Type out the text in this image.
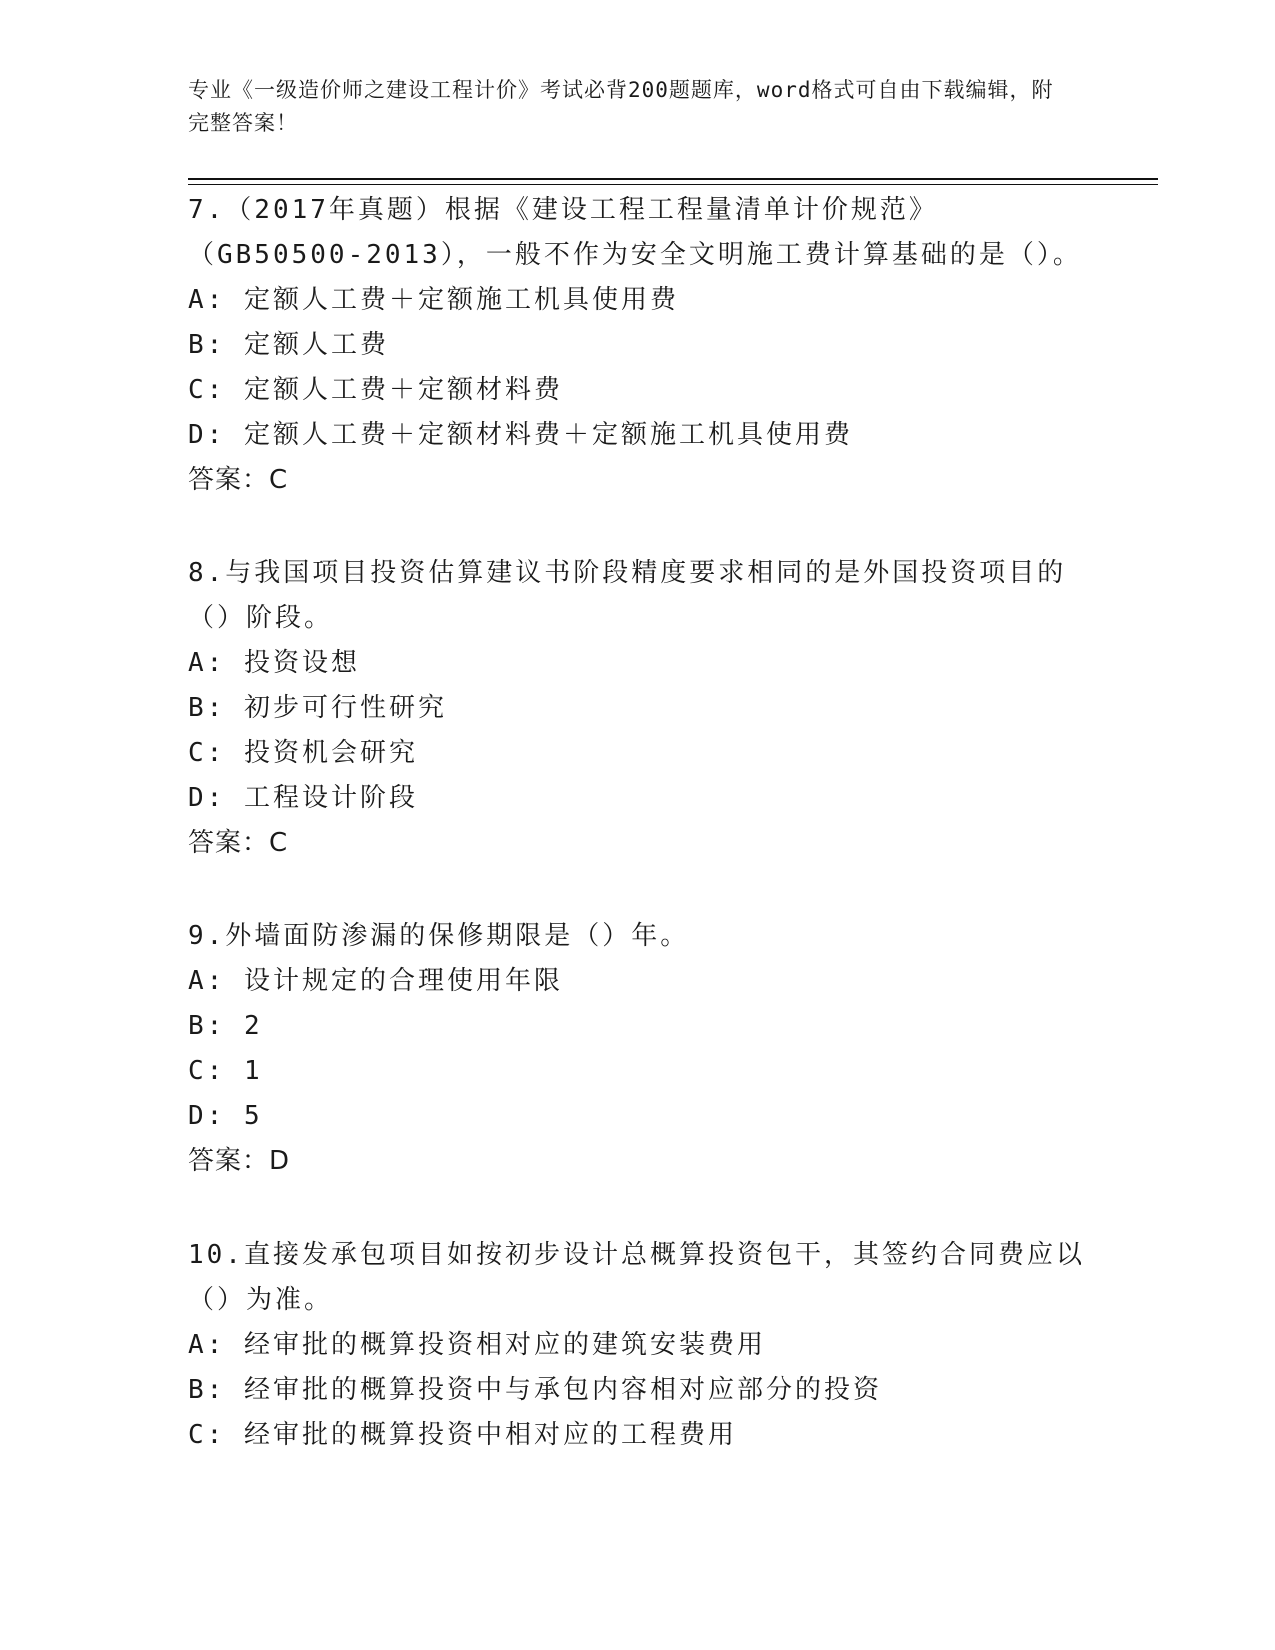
专业《一级造价师之建设工程计价》考试必背200题题库，word格式可自由下载编辑，附完整答案！

7.（2017年真题）根据《建设工程工程量清单计价规范》（GB50500-2013），一般不作为安全文明施工费计算基础的是（）。

A: 定额人工费＋定额施工机具使用费

B: 定额人工费

C: 定额人工费＋定额材料费

D: 定额人工费＋定额材料费＋定额施工机具使用费

答案：C

8.与我国项目投资估算建议书阶段精度要求相同的是外国投资项目的（）阶段。

A: 投资设想

B: 初步可行性研究

C: 投资机会研究

D: 工程设计阶段

答案：C

9.外墙面防渗漏的保修期限是（）年。

A: 设计规定的合理使用年限

B: 2

C: 1

D: 5

答案：D

10.直接发承包项目如按初步设计总概算投资包干，其签约合同费应以（）为准。

A: 经审批的概算投资相对应的建筑安装费用

B: 经审批的概算投资中与承包内容相对应部分的投资

C: 经审批的概算投资中相对应的工程费用
